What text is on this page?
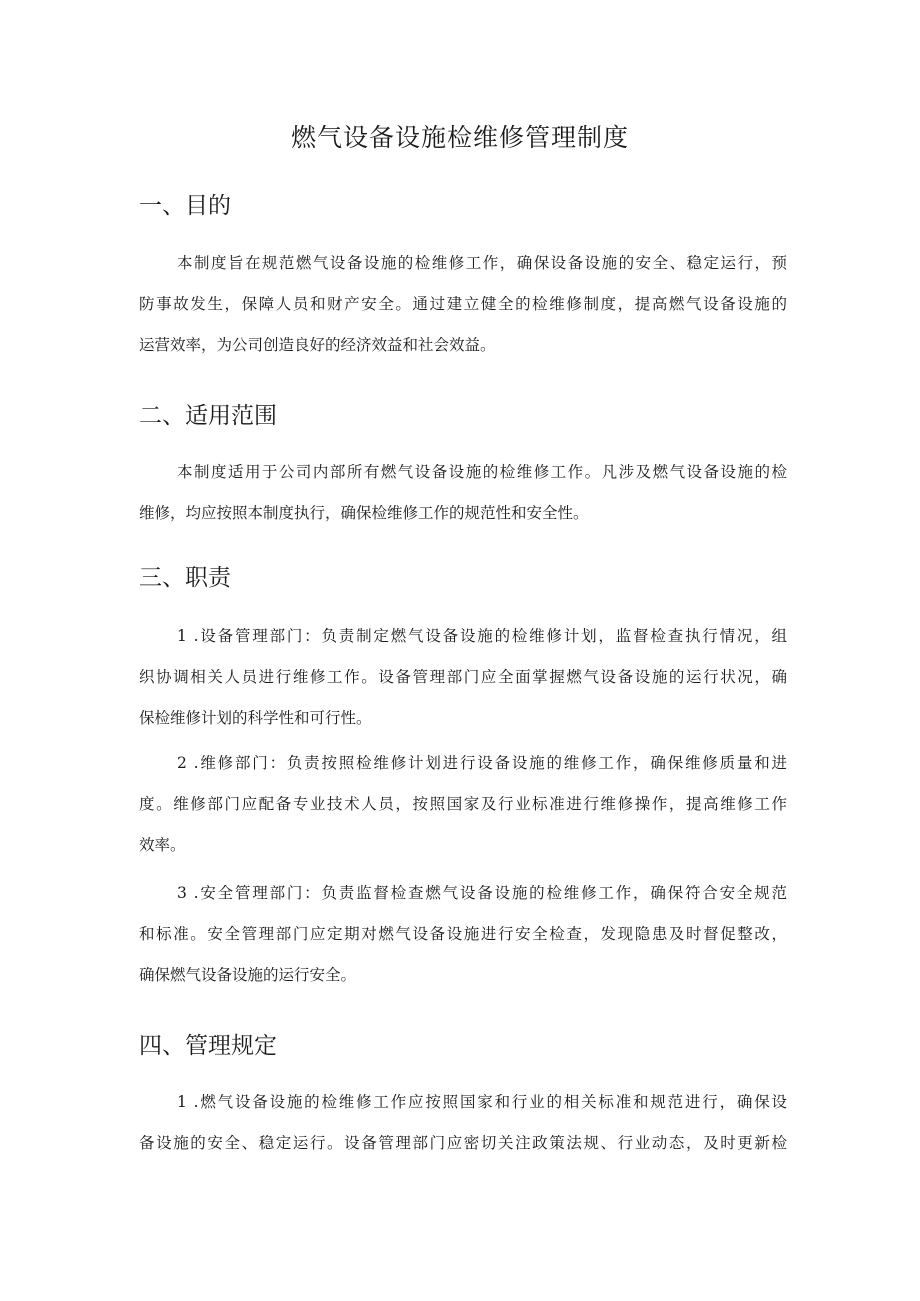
燃气设备设施检维修管理制度
一、目的
本制度旨在规范燃气设备设施的检维修工作，确保设备设施的安全、稳定运行，预
防事故发生，保障人员和财产安全。通过建立健全的检维修制度，提高燃气设备设施的
运营效率，为公司创造良好的经济效益和社会效益。
二、适用范围
本制度适用于公司内部所有燃气设备设施的检维修工作。凡涉及燃气设备设施的检
维修，均应按照本制度执行，确保检维修工作的规范性和安全性。
三、职责
1 .设备管理部门：负责制定燃气设备设施的检维修计划，监督检查执行情况，组
织协调相关人员进行维修工作。设备管理部门应全面掌握燃气设备设施的运行状况，确
保检维修计划的科学性和可行性。
2 .维修部门：负责按照检维修计划进行设备设施的维修工作，确保维修质量和进
度。维修部门应配备专业技术人员，按照国家及行业标准进行维修操作，提高维修工作
效率。
3 .安全管理部门：负责监督检查燃气设备设施的检维修工作，确保符合安全规范
和标准。安全管理部门应定期对燃气设备设施进行安全检查，发现隐患及时督促整改，
确保燃气设备设施的运行安全。
四、管理规定
1 .燃气设备设施的检维修工作应按照国家和行业的相关标准和规范进行，确保设
备设施的安全、稳定运行。设备管理部门应密切关注政策法规、行业动态，及时更新检
